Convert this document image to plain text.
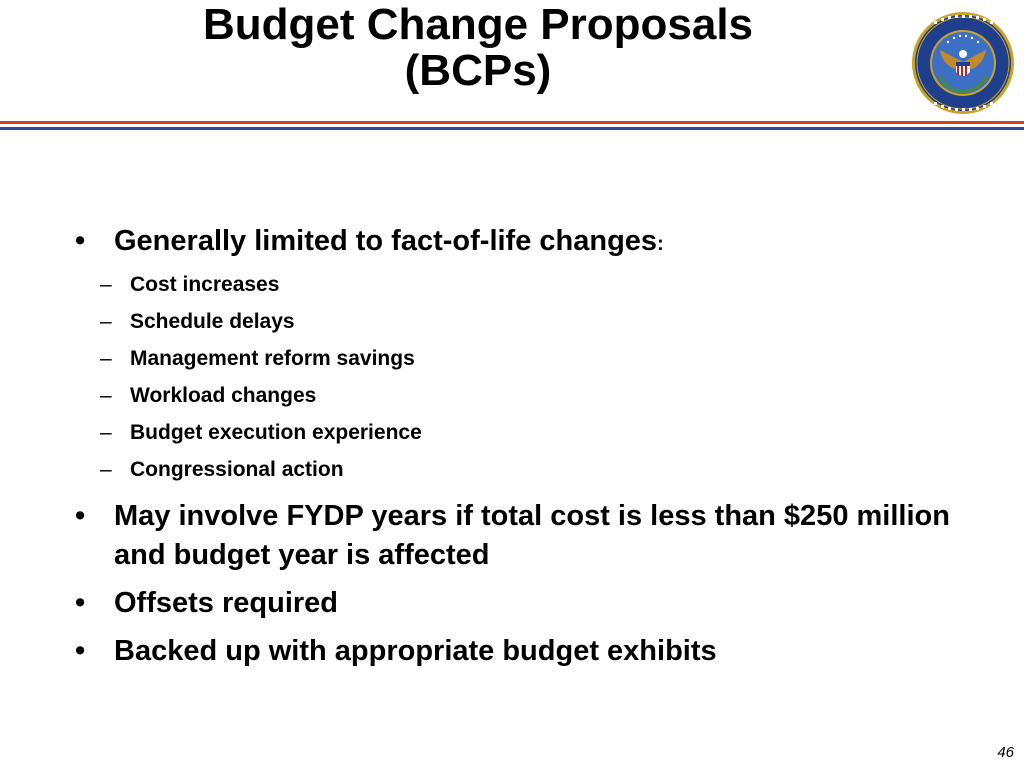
Budget Change Proposals
(BCPs)
• Generally limited to fact-of-life changes:
– Cost increases
– Schedule delays
– Management reform savings
– Workload changes
– Budget execution experience
– Congressional action
• May involve FYDP years if total cost is less than $250 million and budget year is affected
• Offsets required
• Backed up with appropriate budget exhibits
46
